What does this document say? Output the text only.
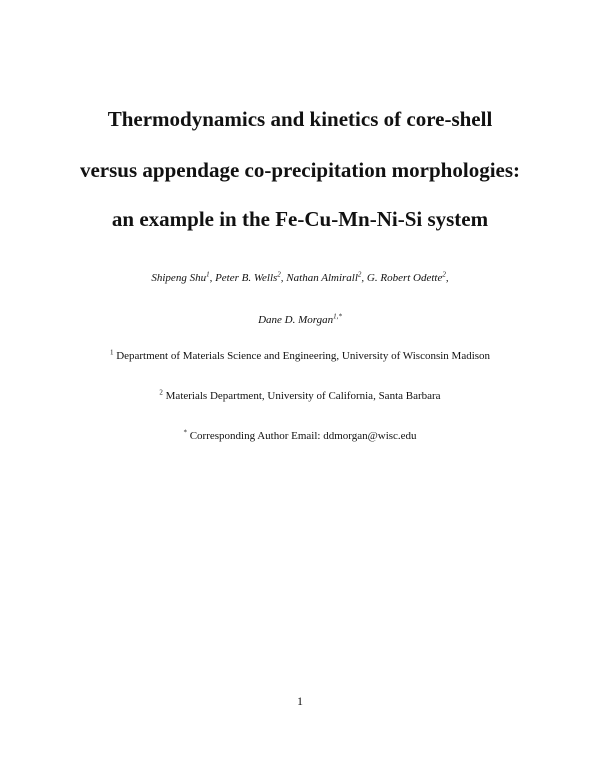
Thermodynamics and kinetics of core-shell
versus appendage co-precipitation morphologies:
an example in the Fe-Cu-Mn-Ni-Si system
Shipeng Shu$^1$, Peter B. Wells$^2$, Nathan Almirall$^2$, G. Robert Odette$^2$,
Dane D. Morgan$^{1,*}$
$^1$ Department of Materials Science and Engineering, University of Wisconsin Madison
$^2$ Materials Department, University of California, Santa Barbara
* Corresponding Author Email: ddmorgan@wisc.edu
1
